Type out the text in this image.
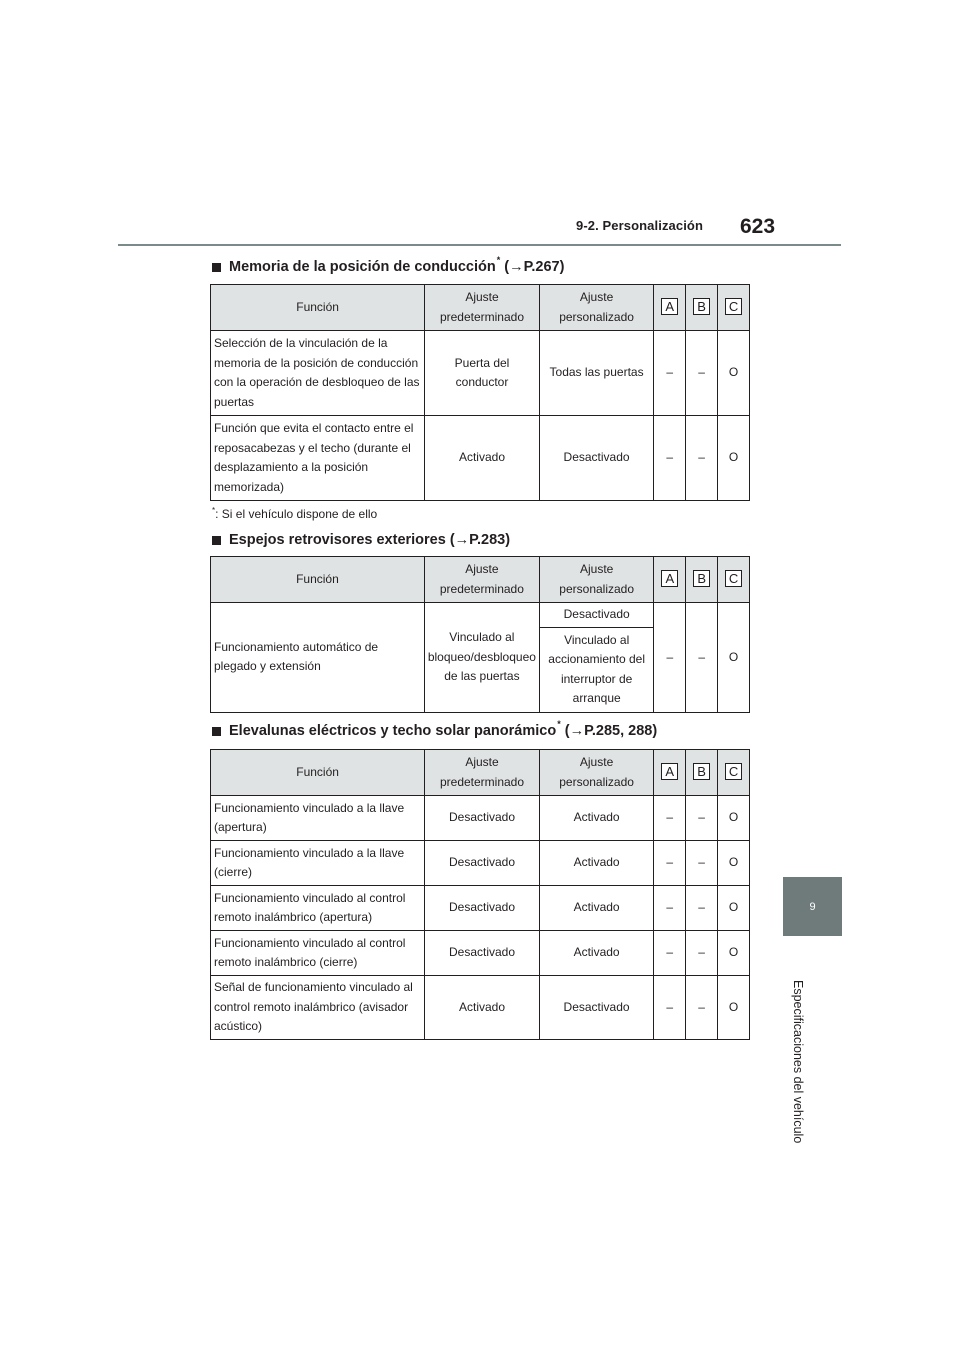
9-2. Personalización 623
9
Especificaciones del vehículo
Memoria de la posición de conducción*
(→P.267)
Función	Ajuste predeterminado	Ajuste personalizado	A	B	C
Selección de la vinculación de la memoria de la posición de conducción con la operación de desbloqueo de las puertas	Puerta del conductor	Todas las puertas	–	–	O
Función que evita el contacto entre el reposacabezas y el techo (durante el desplazamiento a la posición memorizada)	Activado	Desactivado	–	–	O
*: Si el vehículo dispone de ello
Espejos retrovisores exteriores
(→P.283)
Función	Ajuste predeterminado	Ajuste personalizado	A	B	C
Funcionamiento automático de plegado y extensión	Vinculado al bloqueo/desbloqueo de las puertas	Desactivado	–	–	O
		Vinculado al accionamiento del interruptor de arranque			
Elevalunas eléctricos y techo solar panorámico*
(→P.285, 288)
Función	Ajuste predeterminado	Ajuste personalizado	A	B	C
Funcionamiento vinculado a la llave (apertura)	Desactivado	Activado	–	–	O
Funcionamiento vinculado a la llave (cierre)	Desactivado	Activado	–	–	O
Funcionamiento vinculado al control remoto inalámbrico (apertura)	Desactivado	Activado	–	–	O
Funcionamiento vinculado al control remoto inalámbrico (cierre)	Desactivado	Activado	–	–	O
Señal de funcionamiento vinculado al control remoto inalámbrico (avisador acústico)	Activado	Desactivado	–	–	O
